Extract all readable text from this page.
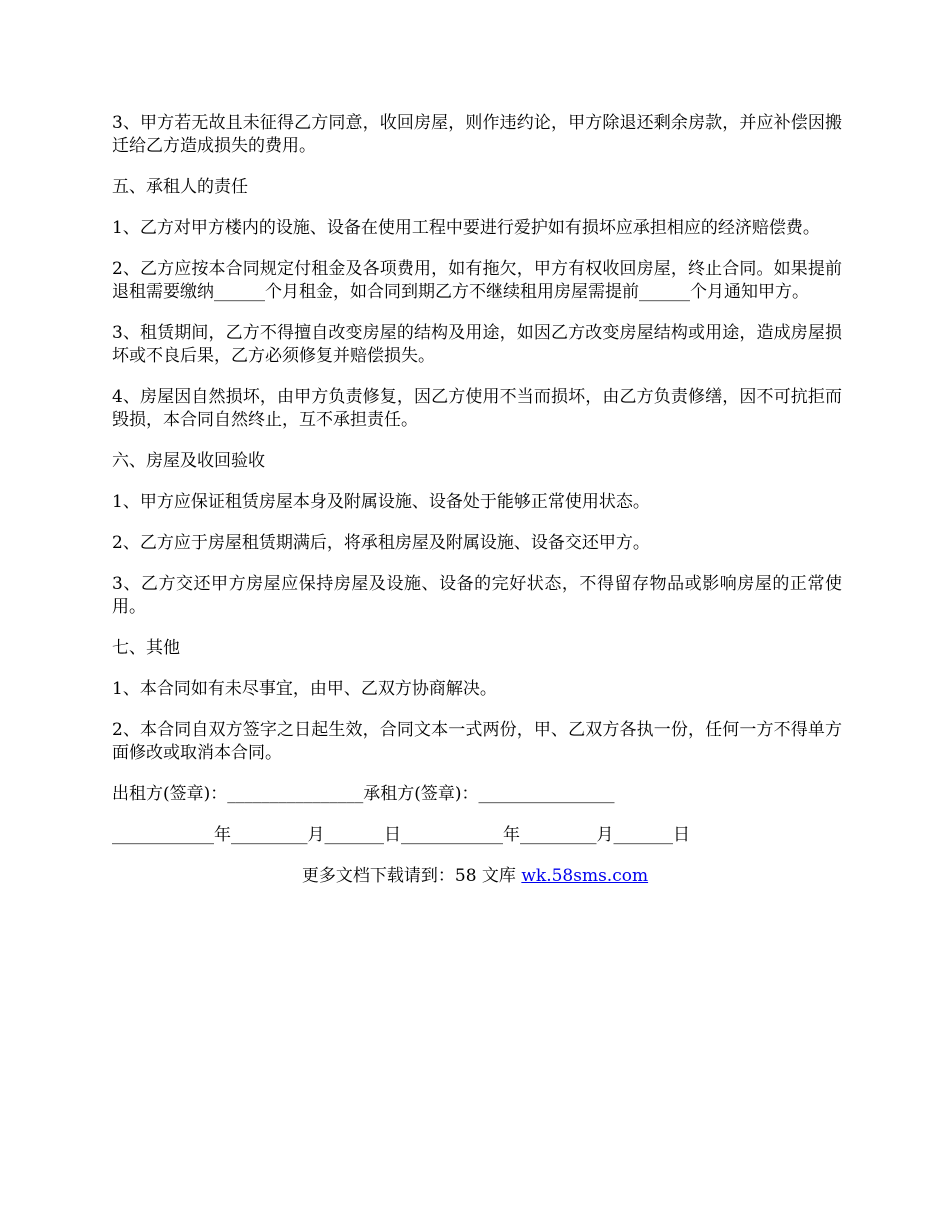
3、甲方若无故且未征得乙方同意，收回房屋，则作违约论，甲方除退还剩余房款，并应补偿因搬迁给乙方造成损失的费用。

五、承租人的责任

1、乙方对甲方楼内的设施、设备在使用工程中要进行爱护如有损坏应承担相应的经济赔偿费。

2、乙方应按本合同规定付租金及各项费用，如有拖欠，甲方有权收回房屋，终止合同。如果提前退租需要缴纳______个月租金，如合同到期乙方不继续租用房屋需提前______个月通知甲方。

3、租赁期间，乙方不得擅自改变房屋的结构及用途，如因乙方改变房屋结构或用途，造成房屋损坏或不良后果，乙方必须修复并赔偿损失。

4、房屋因自然损坏，由甲方负责修复，因乙方使用不当而损坏，由乙方负责修缮，因不可抗拒而毁损，本合同自然终止，互不承担责任。

六、房屋及收回验收

1、甲方应保证租赁房屋本身及附属设施、设备处于能够正常使用状态。

2、乙方应于房屋租赁期满后，将承租房屋及附属设施、设备交还甲方。

3、乙方交还甲方房屋应保持房屋及设施、设备的完好状态，不得留存物品或影响房屋的正常使用。

七、其他

1、本合同如有未尽事宜，由甲、乙双方协商解决。

2、本合同自双方签字之日起生效，合同文本一式两份，甲、乙双方各执一份，任何一方不得单方面修改或取消本合同。

出租方(签章)：________________承租方(签章)：________________

____________年_________月_______日____________年_________月_______日

更多文档下载请到：58 文库 wk.58sms.com
